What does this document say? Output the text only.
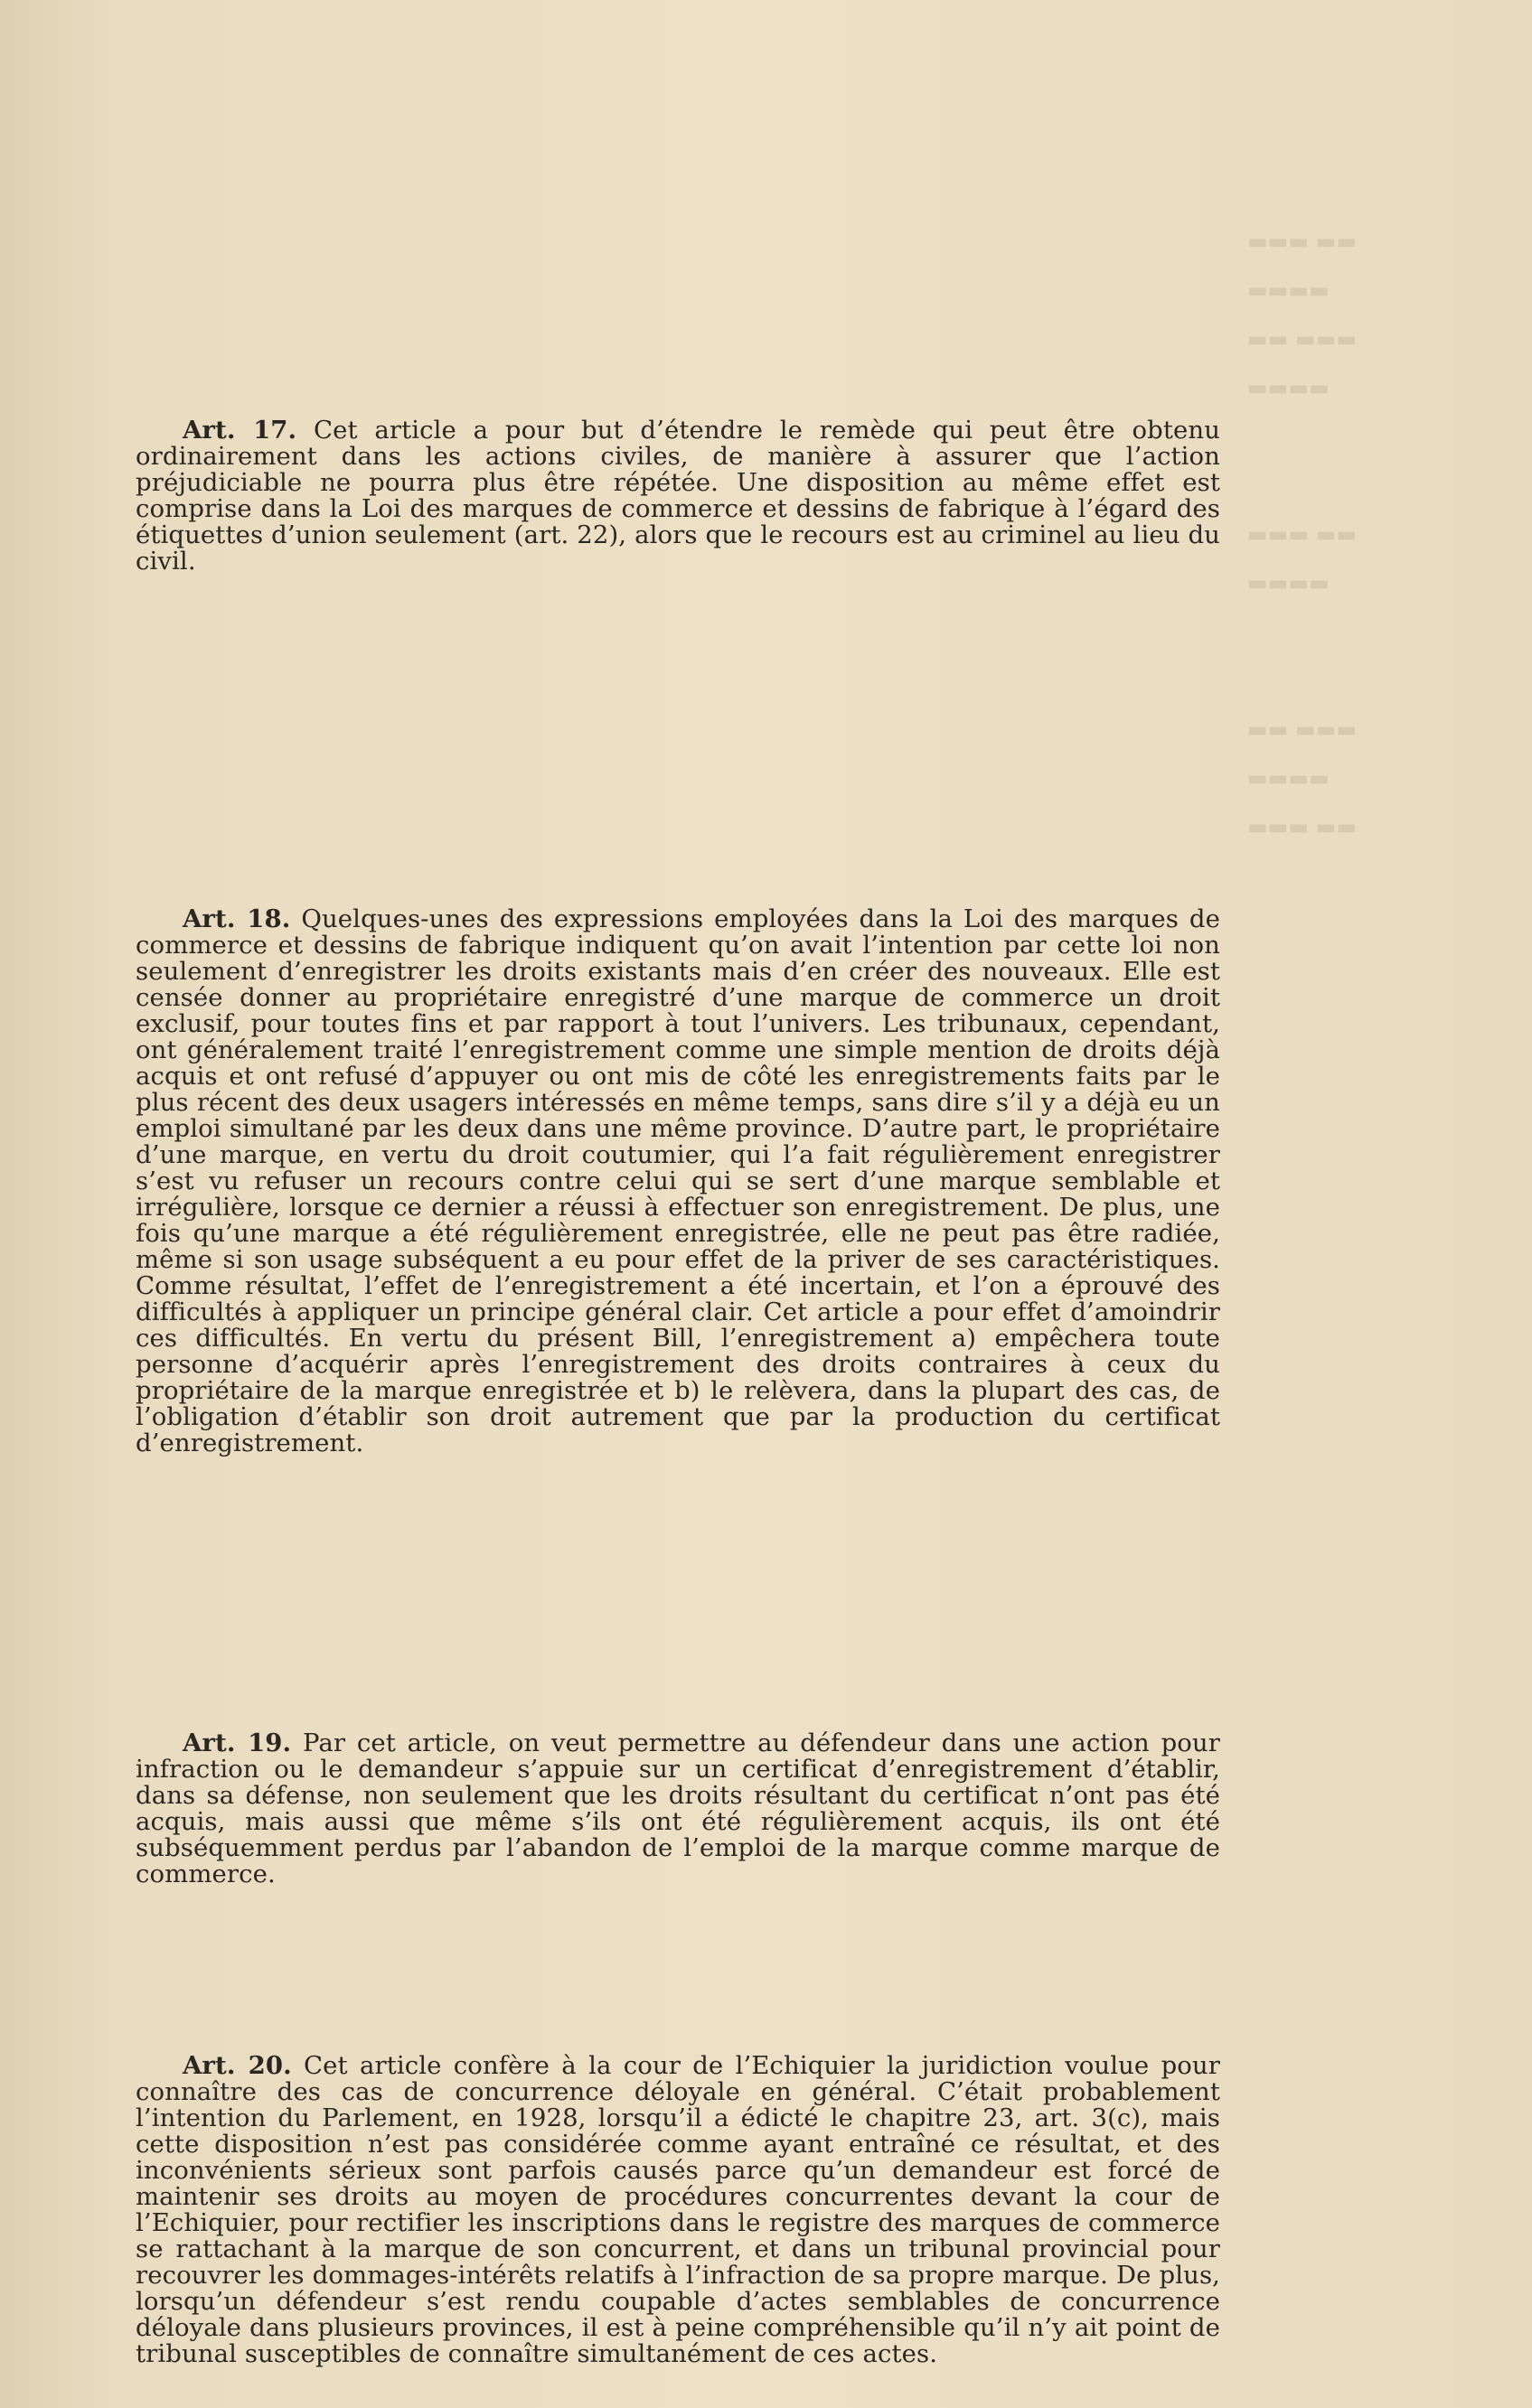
▬▬▬ ▬▬
▬▬▬▬
▬▬ ▬▬▬
▬▬▬▬

▬▬▬ ▬▬
▬▬▬▬

▬▬ ▬▬▬
▬▬▬▬
▬▬▬ ▬▬

Art. 17. Cet article a pour but d’étendre le remède qui peut être obtenu ordinairement dans les actions civiles, de manière à assurer que l’action préjudiciable ne pourra plus être répétée. Une disposition au même effet est comprise dans la Loi des marques de commerce et dessins de fabrique à l’égard des étiquettes d’union seulement (art. 22), alors que le recours est au criminel au lieu du civil.

Art. 18. Quelques-unes des expressions employées dans la Loi des marques de commerce et dessins de fabrique indiquent qu’on avait l’intention par cette loi non seulement d’enregistrer les droits existants mais d’en créer des nouveaux. Elle est censée donner au propriétaire enregistré d’une marque de commerce un droit exclusif, pour toutes fins et par rapport à tout l’univers. Les tribunaux, cependant, ont généralement traité l’enregistrement comme une simple mention de droits déjà acquis et ont refusé d’appuyer ou ont mis de côté les enregistrements faits par le plus récent des deux usagers intéressés en même temps, sans dire s’il y a déjà eu un emploi simultané par les deux dans une même province. D’autre part, le propriétaire d’une marque, en vertu du droit coutumier, qui l’a fait régulièrement enregistrer s’est vu refuser un recours contre celui qui se sert d’une marque semblable et irrégulière, lorsque ce dernier a réussi à effectuer son enregistrement. De plus, une fois qu’une marque a été régulièrement enregistrée, elle ne peut pas être radiée, même si son usage subséquent a eu pour effet de la priver de ses caractéristiques. Comme résultat, l’effet de l’enregistrement a été incertain, et l’on a éprouvé des difficultés à appliquer un principe général clair. Cet article a pour effet d’amoindrir ces difficultés. En vertu du présent Bill, l’enregistrement a) empêchera toute personne d’acquérir après l’enregistrement des droits contraires à ceux du propriétaire de la marque enregistrée et b) le relèvera, dans la plupart des cas, de l’obligation d’établir son droit autrement que par la production du certificat d’enregistrement.

Art. 19. Par cet article, on veut permettre au défendeur dans une action pour infraction ou le demandeur s’appuie sur un certificat d’enregistrement d’établir, dans sa défense, non seulement que les droits résultant du certificat n’ont pas été acquis, mais aussi que même s’ils ont été régulièrement acquis, ils ont été subséquemment perdus par l’abandon de l’emploi de la marque comme marque de commerce.

Art. 20. Cet article confère à la cour de l’Echiquier la juridiction voulue pour connaître des cas de concurrence déloyale en général. C’était probablement l’intention du Parlement, en 1928, lorsqu’il a édicté le chapitre 23, art. 3(c), mais cette disposition n’est pas considérée comme ayant entraîné ce résultat, et des inconvénients sérieux sont parfois causés parce qu’un demandeur est forcé de maintenir ses droits au moyen de procédures concurrentes devant la cour de l’Echiquier, pour rectifier les inscriptions dans le registre des marques de commerce se rattachant à la marque de son concurrent, et dans un tribunal provincial pour recouvrer les dommages-intérêts relatifs à l’infraction de sa propre marque. De plus, lorsqu’un défendeur s’est rendu coupable d’actes semblables de concurrence déloyale dans plusieurs provinces, il est à peine compréhensible qu’il n’y ait point de tribunal susceptibles de connaître simultanément de ces actes.
